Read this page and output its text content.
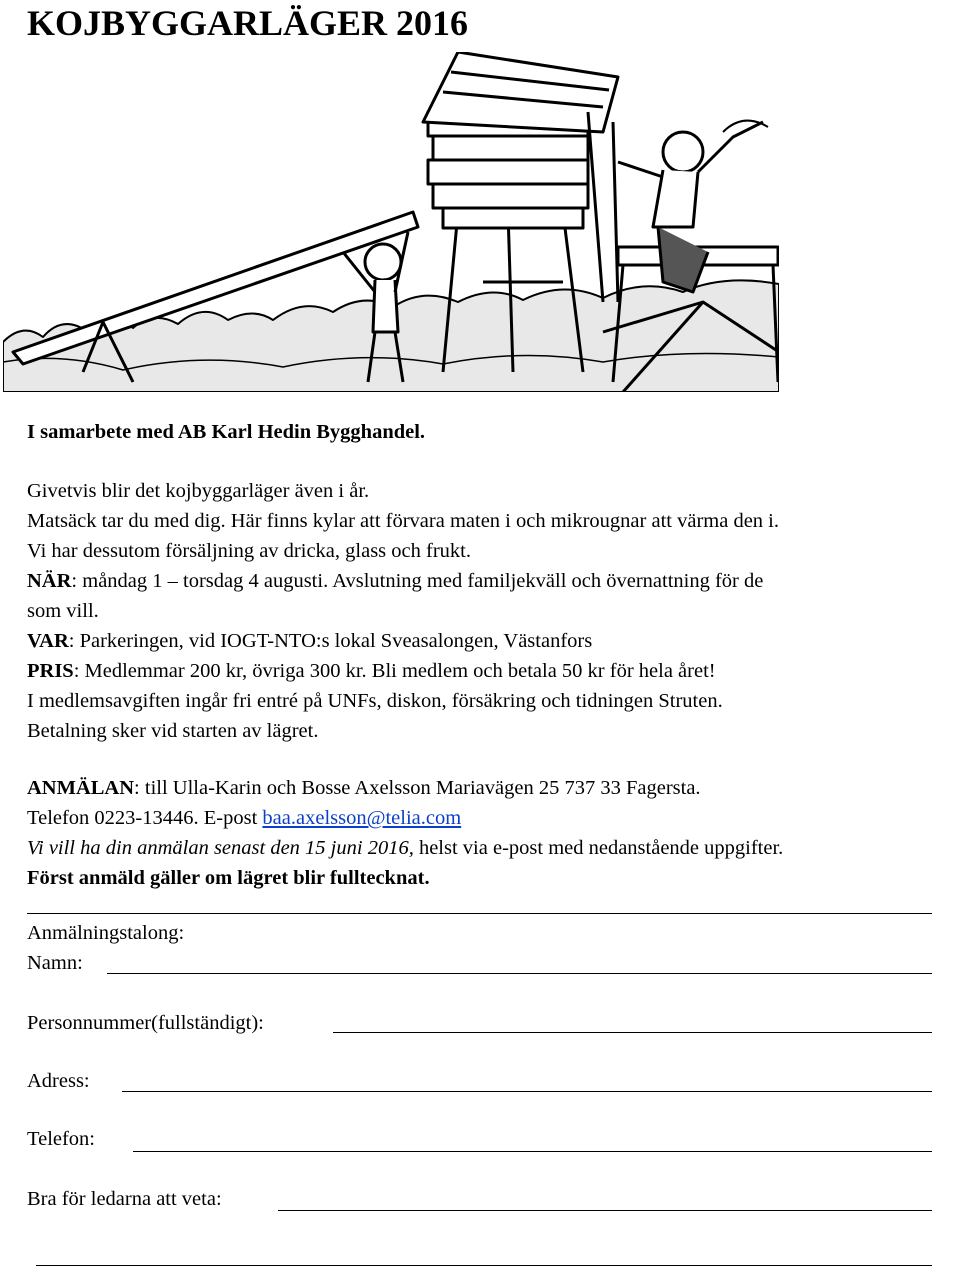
KOJBYGGARLÄGER 2016
I samarbete med AB Karl Hedin Bygghandel.
Givetvis blir det kojbyggarläger även i år.
Matsäck tar du med dig. Här finns kylar att förvara maten i och mikrougnar att värma den i.
Vi har dessutom försäljning av dricka, glass och frukt.
NÄR: måndag 1 – torsdag 4 augusti. Avslutning med familjekväll och övernattning för de
som vill.
VAR: Parkeringen, vid IOGT-NTO:s lokal Sveasalongen, Västanfors
PRIS: Medlemmar 200 kr, övriga 300 kr. Bli medlem och betala 50 kr för hela året!
I medlemsavgiften ingår fri entré på UNFs, diskon, försäkring och tidningen Struten.
Betalning sker vid starten av lägret.
ANMÄLAN: till Ulla-Karin och Bosse Axelsson Mariavägen 25 737 33 Fagersta.
Telefon 0223-13446. E-post baa.axelsson@telia.com
Vi vill ha din anmälan senast den 15 juni 2016, helst via e-post med nedanstående uppgifter.
Först anmäld gäller om lägret blir fulltecknat.
Anmälningstalong:
Namn:
Personnummer(fullständigt):
Adress:
Telefon:
Bra för ledarna att veta:
